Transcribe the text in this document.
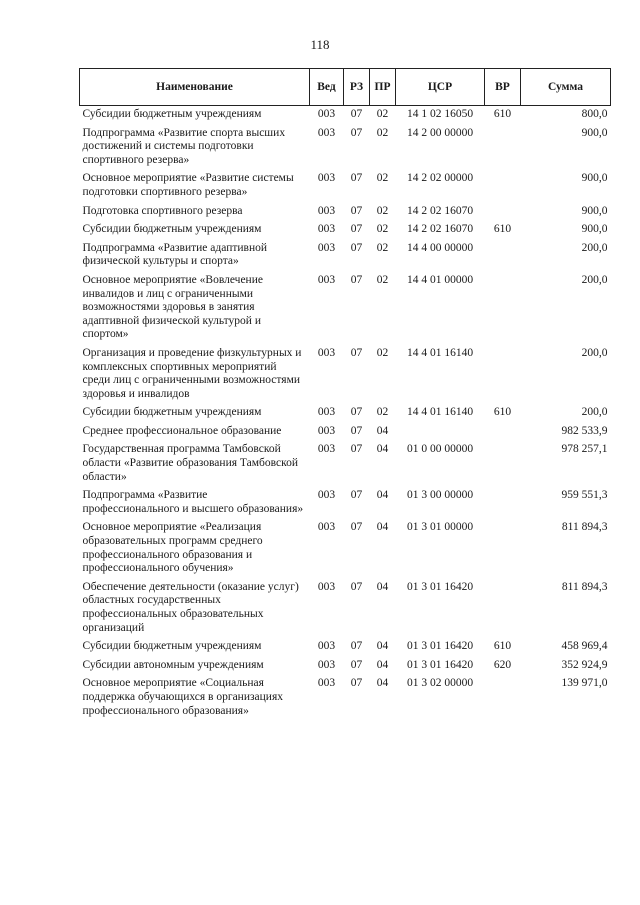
118
Наименование	Вед	РЗ	ПР	ЦСР	ВР	Сумма
Субсидии бюджетным учреждениям	003	07	02	14 1 02 16050	610	800,0
Подпрограмма «Развитие спорта высших достижений и системы подготовки спортивного резерва»	003	07	02	14 2 00 00000		900,0
Основное мероприятие «Развитие системы подготовки спортивного резерва»	003	07	02	14 2 02 00000		900,0
Подготовка спортивного резерва	003	07	02	14 2 02 16070		900,0
Субсидии бюджетным учреждениям	003	07	02	14 2 02 16070	610	900,0
Подпрограмма «Развитие адаптивной физической культуры и спорта»	003	07	02	14 4 00 00000		200,0
Основное мероприятие «Вовлечение инвалидов и лиц с ограниченными возможностями здоровья в занятия адаптивной физической культурой и спортом»	003	07	02	14 4 01 00000		200,0
Организация и проведение физкультурных и комплексных спортивных мероприятий среди лиц с ограниченными возможностями здоровья и инвалидов	003	07	02	14 4 01 16140		200,0
Субсидии бюджетным учреждениям	003	07	02	14 4 01 16140	610	200,0
Среднее профессиональное образование	003	07	04			982 533,9
Государственная программа Тамбовской области «Развитие образования Тамбовской области»	003	07	04	01 0 00 00000		978 257,1
Подпрограмма «Развитие профессионального и высшего образования»	003	07	04	01 3 00 00000		959 551,3
Основное мероприятие «Реализация образовательных программ среднего профессионального образования и профессионального обучения»	003	07	04	01 3 01 00000		811 894,3
Обеспечение деятельности (оказание услуг) областных государственных профессиональных образовательных организаций	003	07	04	01 3 01 16420		811 894,3
Субсидии бюджетным учреждениям	003	07	04	01 3 01 16420	610	458 969,4
Субсидии автономным учреждениям	003	07	04	01 3 01 16420	620	352 924,9
Основное мероприятие «Социальная поддержка обучающихся в организациях профессионального образования»	003	07	04	01 3 02 00000		139 971,0
